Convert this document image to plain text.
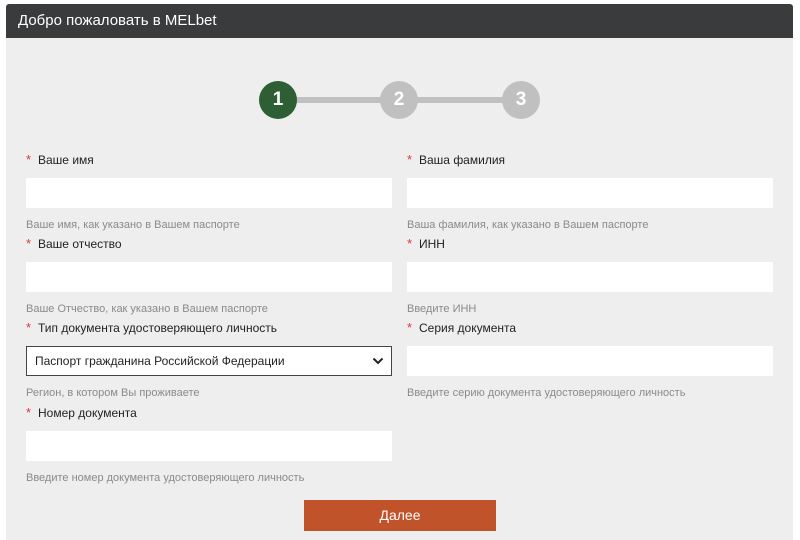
Добро пожаловать в MELbet
1	2	3
* Ваше имя
Ваше имя, как указано в Вашем паспорте
* Ваша фамилия
Ваша фамилия, как указано в Вашем паспорте
* Ваше отчество
Ваше Отчество, как указано в Вашем паспорте
* ИНН
Введите ИНН
* Тип документа удостоверяющего личность
Паспорт гражданина Российской Федерации
Регион, в котором Вы проживаете
* Серия документа
Введите серию документа удостоверяющего личность
* Номер документа
Введите номер документа удостоверяющего личность
Далее
